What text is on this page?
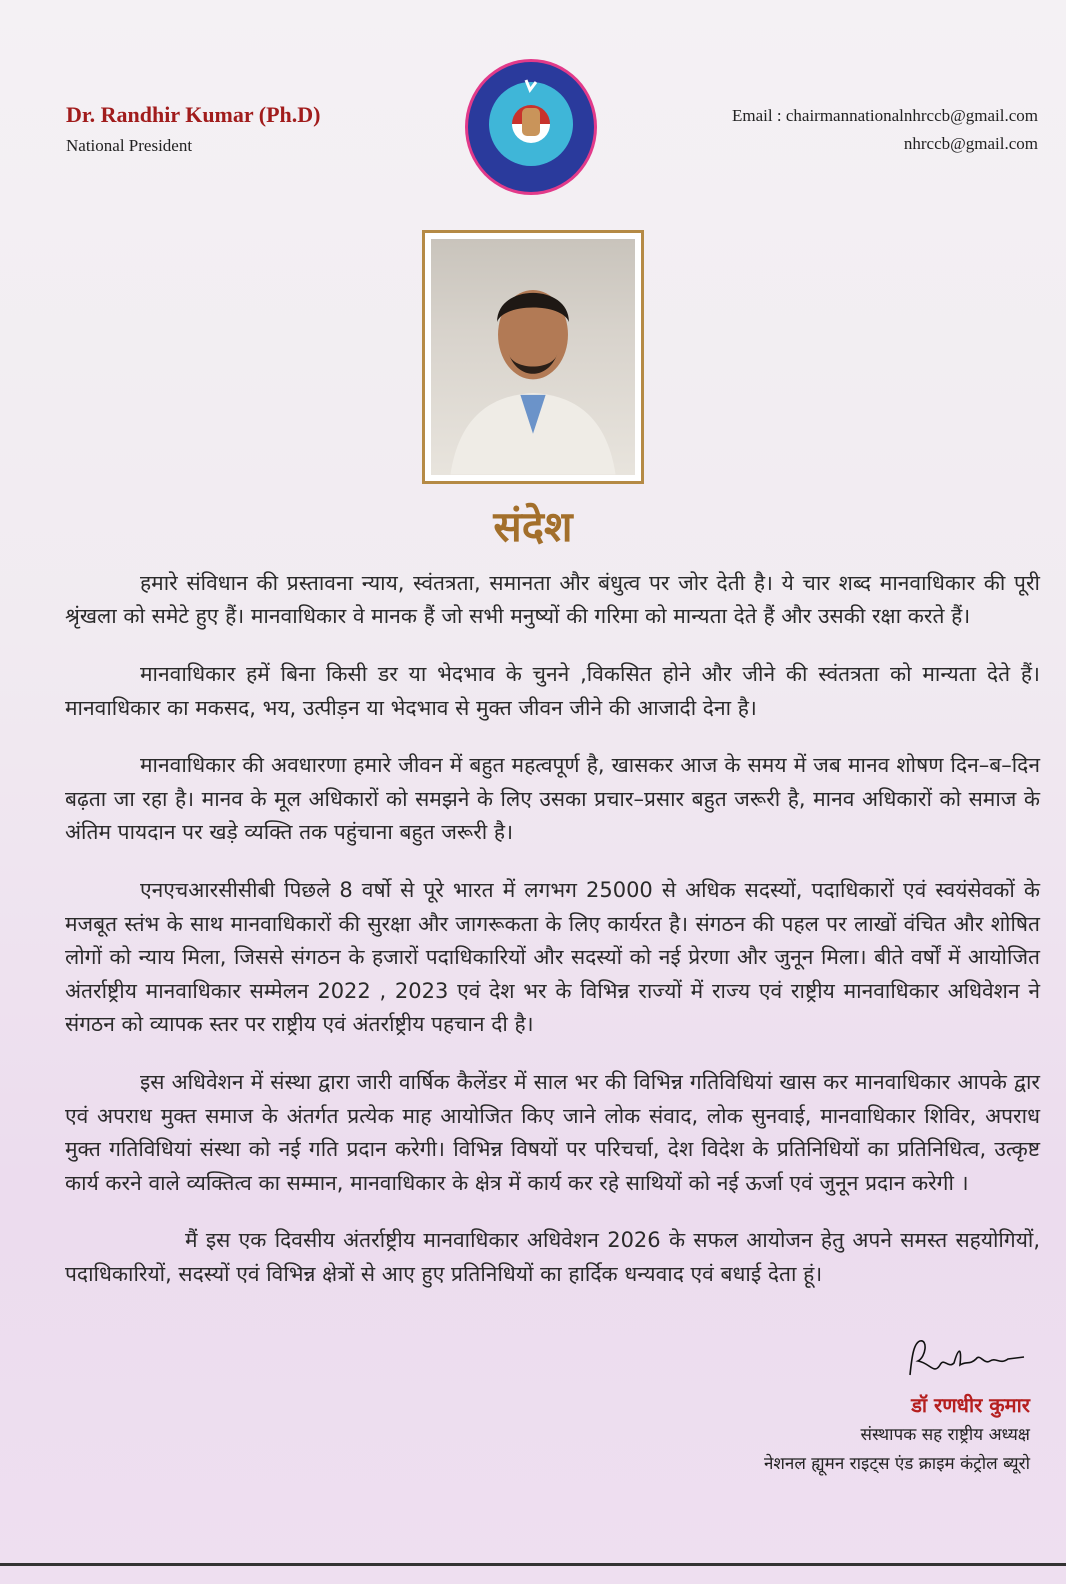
Dr. Randhir Kumar (Ph.D)
National President
Email : chairmannationalnhrccb@gmail.com
nhrccb@gmail.com
संदेश

हमारे संविधान की प्रस्तावना न्याय, स्वंतत्रता, समानता और बंधुत्व पर जोर देती है। ये चार शब्द मानवाधिकार की पूरी श्रृंखला को समेटे हुए हैं। मानवाधिकार वे मानक हैं जो सभी मनुष्यों की गरिमा को मान्यता देते हैं और उसकी रक्षा करते हैं।

मानवाधिकार हमें बिना किसी डर या भेदभाव के चुनने ,विकसित होने और जीने की स्वंतत्रता को मान्यता देते हैं।मानवाधिकार का मकसद, भय, उत्पीड़न या भेदभाव से मुक्त जीवन जीने की आजादी देना है।

मानवाधिकार की अवधारणा हमारे जीवन में बहुत महत्वपूर्ण है, खासकर आज के समय में जब मानव शोषण दिन–ब–दिन बढ़ता जा रहा है। मानव के मूल अधिकारों को समझने के लिए उसका प्रचार–प्रसार बहुत जरूरी है, मानव अधिकारों को समाज के अंतिम पायदान पर खड़े व्यक्ति तक पहुंचाना बहुत जरूरी है।

एनएचआरसीसीबी पिछले 8 वर्षो से पूरे भारत में लगभग 25000 से अधिक सदस्यों, पदाधिकारों एवं स्वयंसेवकों के मजबूत स्तंभ के साथ मानवाधिकारों की सुरक्षा और जागरूकता के लिए कार्यरत है। संगठन की पहल पर लाखों वंचित और शोषित लोगों को न्याय मिला, जिससे संगठन के हजारों पदाधिकारियों और सदस्यों को नई प्रेरणा और जुनून मिला। बीते वर्षों में आयोजित अंतर्राष्ट्रीय मानवाधिकार सम्मेलन 2022 , 2023 एवं देश भर के विभिन्न राज्यों में राज्य एवं राष्ट्रीय मानवाधिकार अधिवेशन ने संगठन को व्यापक स्तर पर राष्ट्रीय एवं अंतर्राष्ट्रीय पहचान दी है।

इस अधिवेशन में संस्था द्वारा जारी वार्षिक कैलेंडर में साल भर की विभिन्न गतिविधियां खास कर मानवाधिकार आपके द्वार एवं अपराध मुक्त समाज के अंतर्गत प्रत्येक माह आयोजित किए जाने लोक संवाद, लोक सुनवाई, मानवाधिकार शिविर, अपराध मुक्त गतिविधियां संस्था को नई गति प्रदान करेगी। विभिन्न विषयों पर परिचर्चा, देश विदेश के प्रतिनिधियों का प्रतिनिधित्व, उत्कृष्ट कार्य करने वाले व्यक्तित्व का सम्मान, मानवाधिकार के क्षेत्र में कार्य कर रहे साथियों को नई ऊर्जा एवं जुनून प्रदान करेगी ।

मैं इस एक दिवसीय अंतर्राष्ट्रीय मानवाधिकार अधिवेशन 2026 के सफल आयोजन हेतु अपने समस्त सहयोगियों, पदाधिकारियों, सदस्यों एवं विभिन्न क्षेत्रों से आए हुए प्रतिनिधियों का हार्दिक धन्यवाद एवं बधाई देता हूं।

डॉ रणधीर कुमार
संस्थापक सह राष्ट्रीय अध्यक्ष
नेशनल ह्यूमन राइट्स एंड क्राइम कंट्रोल ब्यूरो
